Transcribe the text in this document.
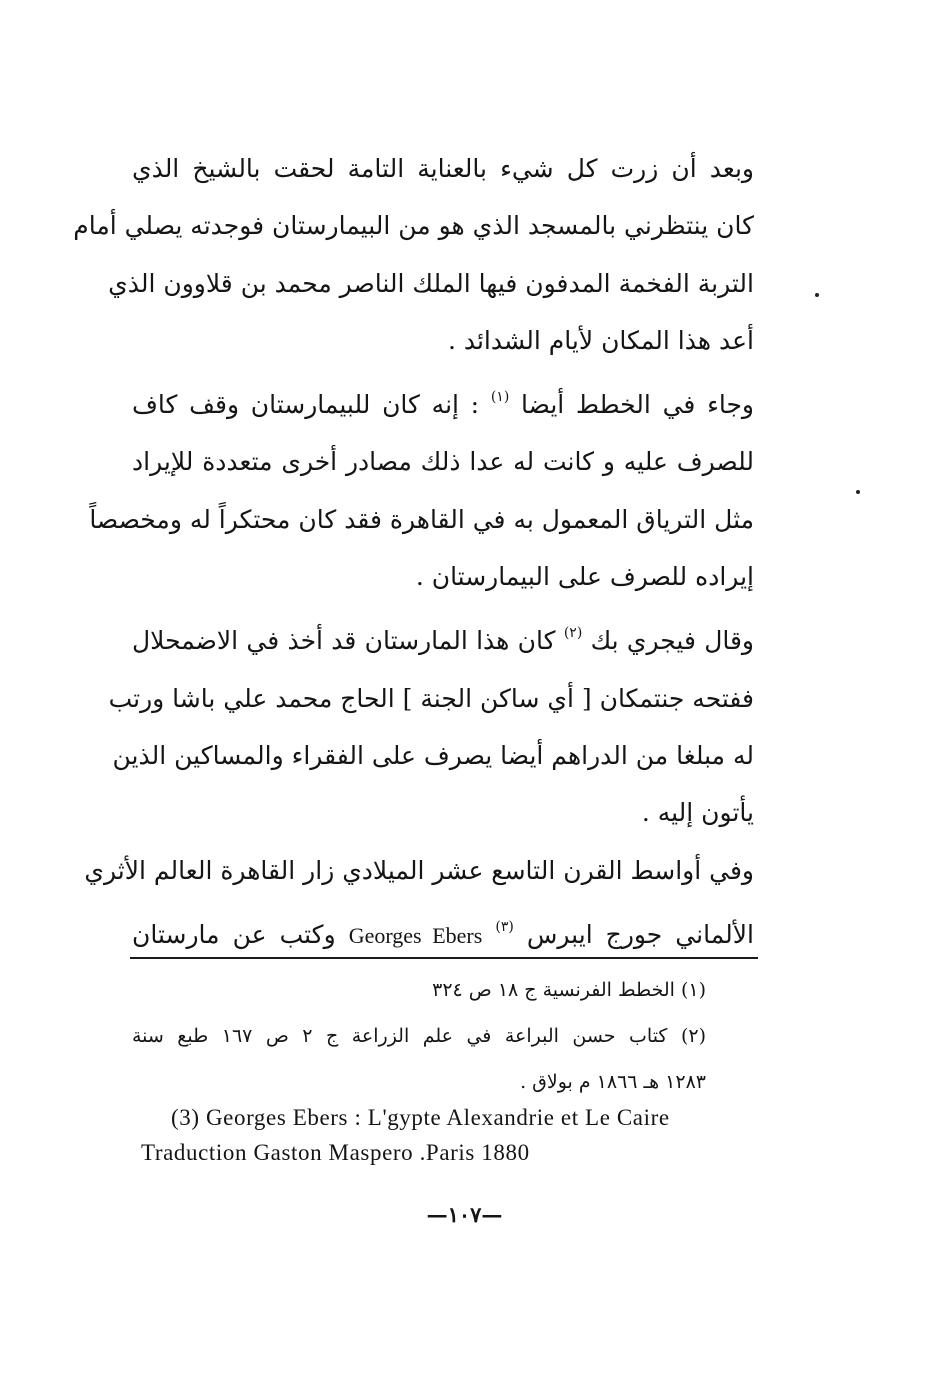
وبعد أن زرت كل شيء بالعناية التامة لحقت بالشيخ الذي
كان ينتظرني بالمسجد الذي هو من البيمارستان فوجدته يصلي أمام
التربة الفخمة المدفون فيها الملك الناصر محمد بن قلاوون الذي
أعد هذا المكان لأيام الشدائد .

وجاء في الخطط أيضا $^{(١)}$ : إنه كان للبيمارستان وقف كاف
للصرف عليه و كانت له عدا ذلك مصادر أخرى متعددة للإيراد
مثل الترياق المعمول به في القاهرة فقد كان محتكراً له ومخصصاً
إيراده للصرف على البيمارستان .

وقال فيجري بك $^{(٢)}$ كان هذا المارستان قد أخذ في الاضمحلال
ففتحه جنتمكان [ أي ساكن الجنة ] الحاج محمد علي باشا ورتب
له مبلغا من الدراهم أيضا يصرف على الفقراء والمساكين الذين
يأتون إليه .

وفي أواسط القرن التاسع عشر الميلادي زار القاهرة العالم الأثري
الألماني جورج ايبرس $^{(٣)}$ Georges Ebers وكتب عن مارستان

(١) الخطط الفرنسية ج ١٨ ص ٣٢٤
(٢) كتاب حسن البراعة في علم الزراعة ج ٢ ص ١٦٧ طبع سنة
١٢٨٣ هـ ١٨٦٦ م بولاق .
(3) Georges Ebers : L'gypte Alexandrie et Le Caire
Traduction Gaston Maspero .Paris 1880
—١٠٧—
